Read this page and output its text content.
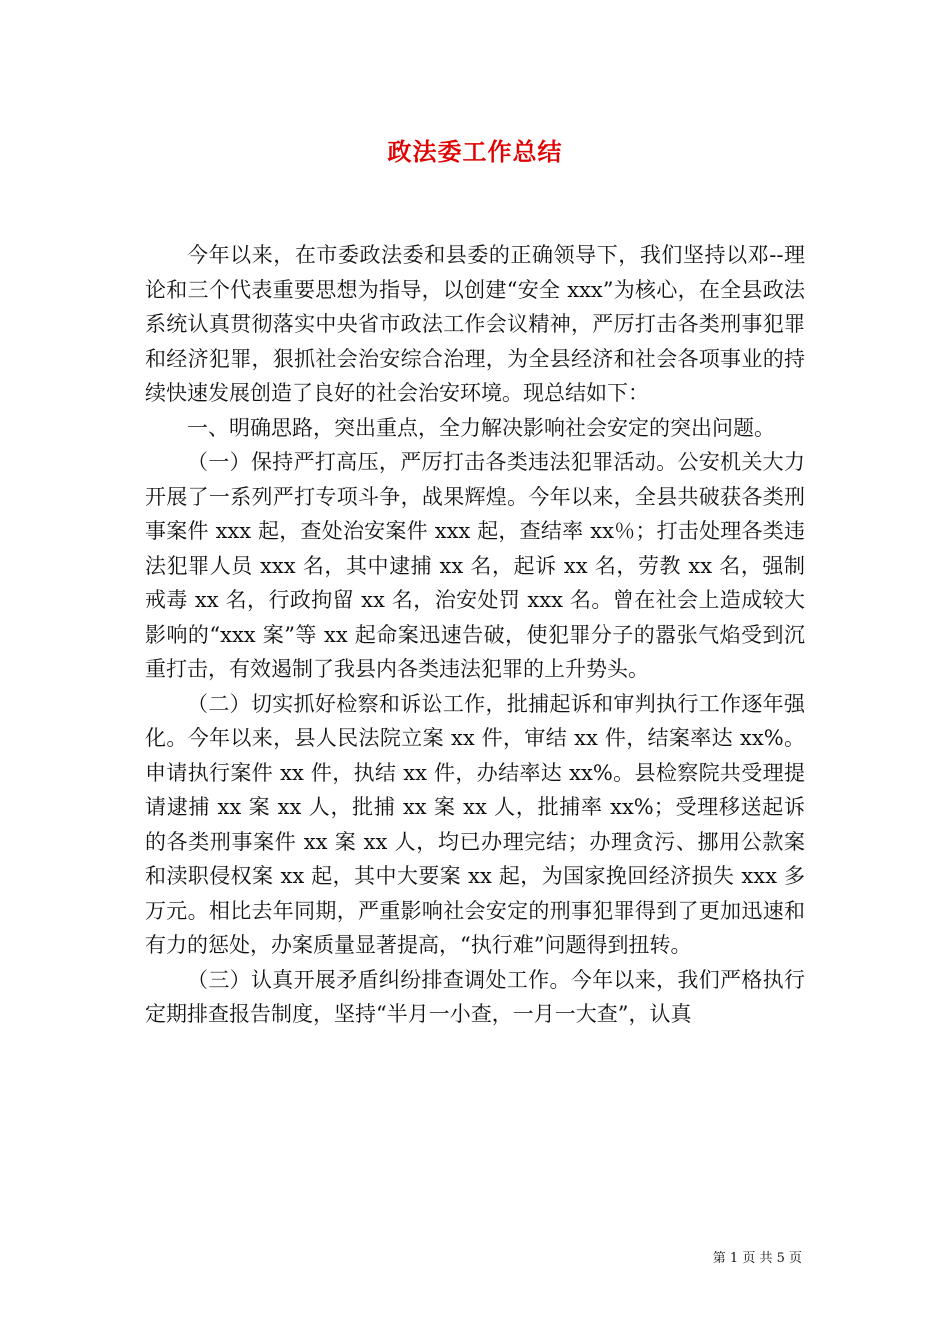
政法委工作总结

今年以来，在市委政法委和县委的正确领导下，我们坚持以邓--理论和三个代表重要思想为指导，以创建“安全 xxx”为核心，在全县政法系统认真贯彻落实中央省市政法工作会议精神，严厉打击各类刑事犯罪和经济犯罪，狠抓社会治安综合治理，为全县经济和社会各项事业的持续快速发展创造了良好的社会治安环境。现总结如下：

一、明确思路，突出重点，全力解决影响社会安定的突出问题。

（一）保持严打高压，严厉打击各类违法犯罪活动。公安机关大力开展了一系列严打专项斗争，战果辉煌。今年以来，全县共破获各类刑事案件 xxx 起，查处治安案件 xxx 起，查结率 xx％；打击处理各类违法犯罪人员 xxx 名，其中逮捕 xx 名，起诉 xx 名，劳教 xx 名，强制戒毒 xx 名，行政拘留 xx 名，治安处罚 xxx 名。曾在社会上造成较大影响的“xxx 案”等 xx 起命案迅速告破，使犯罪分子的嚣张气焰受到沉重打击，有效遏制了我县内各类违法犯罪的上升势头。

（二）切实抓好检察和诉讼工作，批捕起诉和审判执行工作逐年强化。今年以来，县人民法院立案 xx 件，审结 xx 件，结案率达 xx%。申请执行案件 xx 件，执结 xx 件，办结率达 xx%。县检察院共受理提请逮捕 xx 案 xx 人，批捕 xx 案 xx 人，批捕率 xx%；受理移送起诉的各类刑事案件 xx 案 xx 人，均已办理完结；办理贪污、挪用公款案和渎职侵权案 xx 起，其中大要案 xx 起，为国家挽回经济损失 xxx 多万元。相比去年同期，严重影响社会安定的刑事犯罪得到了更加迅速和有力的惩处，办案质量显著提高，“执行难”问题得到扭转。

（三）认真开展矛盾纠纷排查调处工作。今年以来，我们严格执行定期排查报告制度，坚持“半月一小查，一月一大查”，认真

第 1 页 共 5 页
